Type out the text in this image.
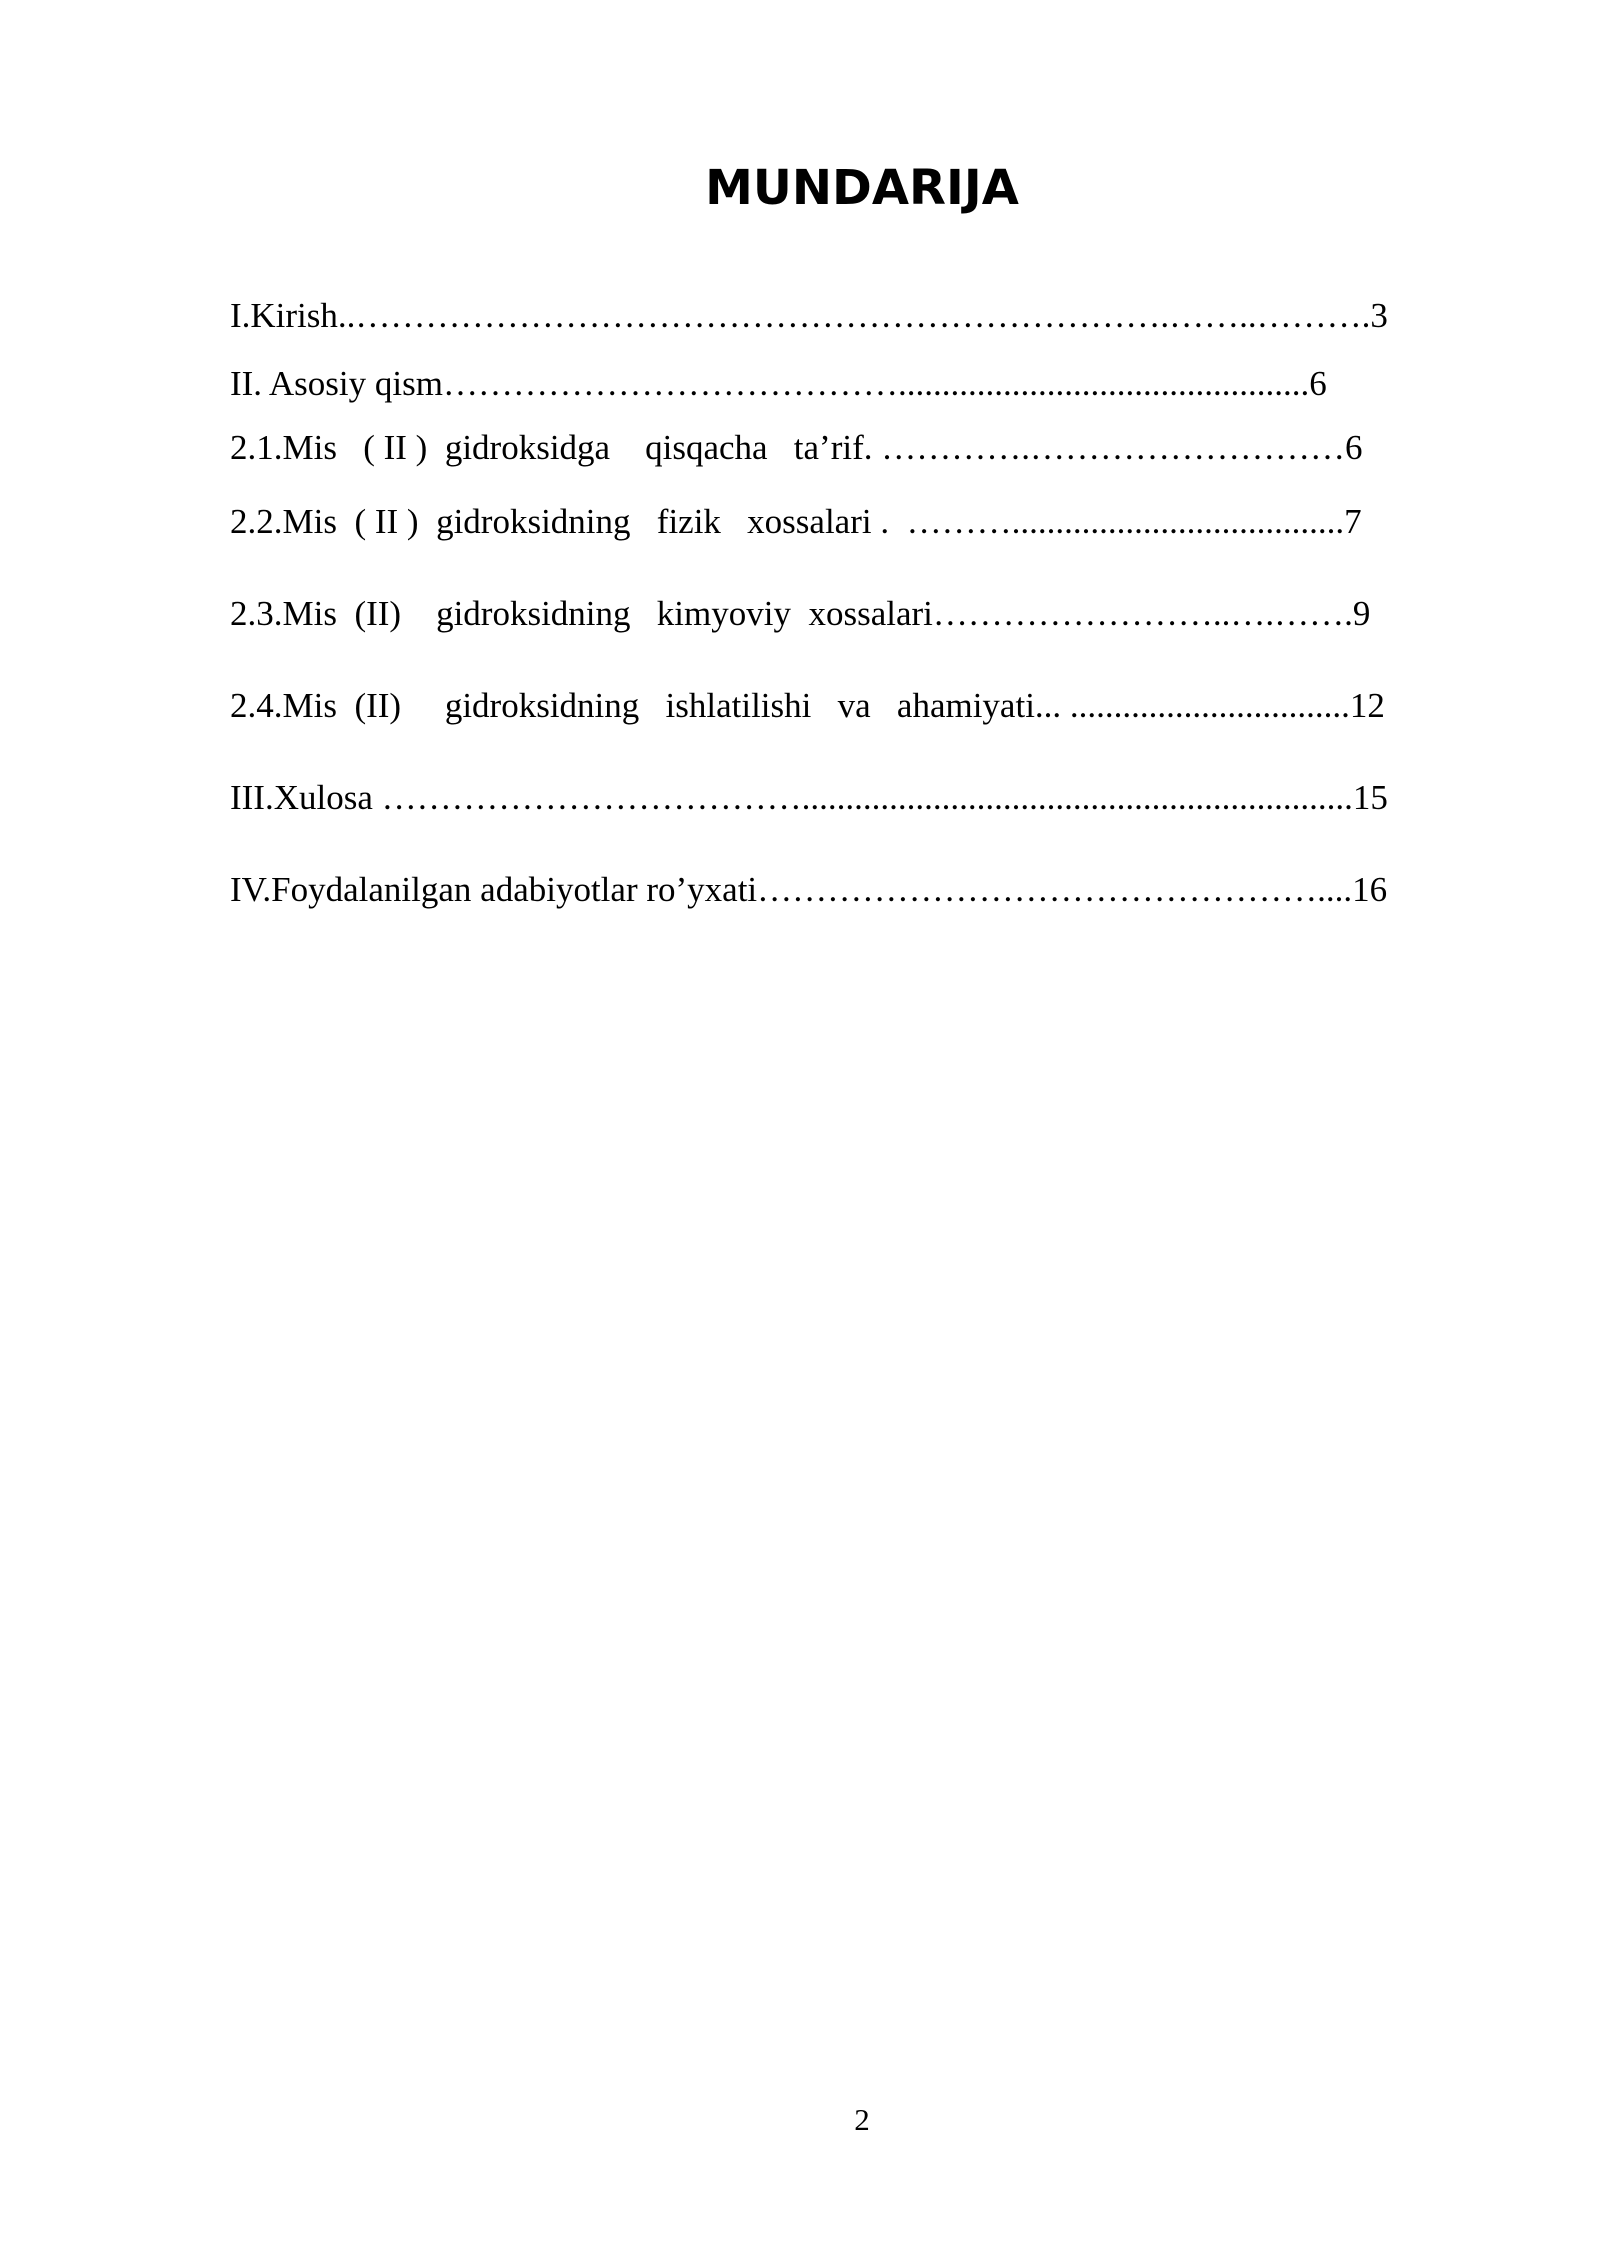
MUNDARIJA
I.Kirish..…………………………………………………………….……..……….3
II. Asosiy qism…………………………………...............................................6
2.1.Mis   ( II )  gidroksidga    qisqacha   ta’rif. ………….………………………6
2.2.Mis  ( II )  gidroksidning   fizik   xossalari .  ………......................................7
2.3.Mis  (II)    gidroksidning   kimyoviy  xossalari……………………..….…….9
2.4.Mis  (II)     gidroksidning   ishlatilishi   va   ahamiyati... ................................12
III.Xulosa ………………………………...............................................................15
IV.Foydalanilgan adabiyotlar ro’yxati…………………………………………....16
2
